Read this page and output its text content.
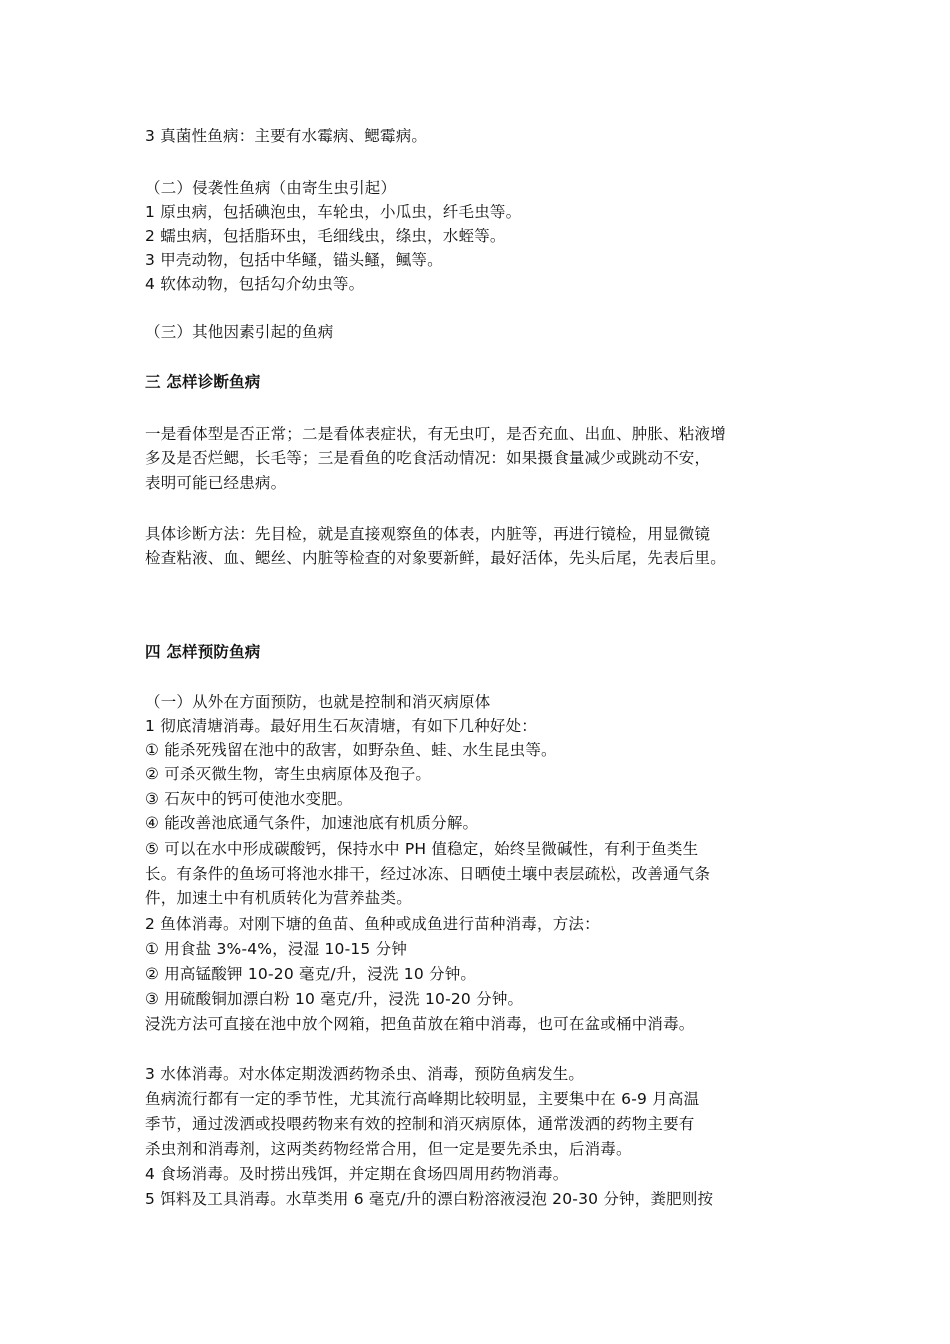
3 真菌性鱼病：主要有水霉病、鳃霉病。

（二）侵袭性鱼病（由寄生虫引起）

1 原虫病，包括碘泡虫，车轮虫，小瓜虫，纤毛虫等。

2 蠕虫病，包括脂环虫，毛细线虫，绦虫，水蛭等。

3 甲壳动物，包括中华鳋，锚头鳋，鲺等。

4 软体动物，包括勾介幼虫等。

（三）其他因素引起的鱼病

三 怎样诊断鱼病

一是看体型是否正常；二是看体表症状，有无虫叮，是否充血、出血、肿胀、粘液增

多及是否烂鳃，长毛等；三是看鱼的吃食活动情况：如果摄食量减少或跳动不安，

表明可能已经患病。

具体诊断方法：先目检，就是直接观察鱼的体表，内脏等，再进行镜检，用显微镜

检查粘液、血、鳃丝、内脏等检查的对象要新鲜，最好活体，先头后尾，先表后里。

四 怎样预防鱼病

（一）从外在方面预防，也就是控制和消灭病原体

1 彻底清塘消毒。最好用生石灰清塘，有如下几种好处：

① 能杀死残留在池中的敌害，如野杂鱼、蛙、水生昆虫等。

② 可杀灭微生物，寄生虫病原体及孢子。

③ 石灰中的钙可使池水变肥。

④ 能改善池底通气条件，加速池底有机质分解。

⑤ 可以在水中形成碳酸钙，保持水中 PH 值稳定，始终呈微碱性，有利于鱼类生

长。有条件的鱼场可将池水排干，经过冰冻、日晒使土壤中表层疏松，改善通气条

件，加速土中有机质转化为营养盐类。

2 鱼体消毒。对刚下塘的鱼苗、鱼种或成鱼进行苗种消毒，方法：

① 用食盐 3%-4%，浸湿 10-15 分钟

② 用高锰酸钾 10-20 毫克/升，浸洗 10 分钟。

③ 用硫酸铜加漂白粉 10 毫克/升，浸洗 10-20 分钟。

浸洗方法可直接在池中放个网箱，把鱼苗放在箱中消毒，也可在盆或桶中消毒。

3 水体消毒。对水体定期泼洒药物杀虫、消毒，预防鱼病发生。

鱼病流行都有一定的季节性，尤其流行高峰期比较明显，主要集中在 6-9 月高温

季节，通过泼洒或投喂药物来有效的控制和消灭病原体，通常泼洒的药物主要有

杀虫剂和消毒剂，这两类药物经常合用，但一定是要先杀虫，后消毒。

4 食场消毒。及时捞出残饵，并定期在食场四周用药物消毒。

5 饵料及工具消毒。水草类用 6 毫克/升的漂白粉溶液浸泡 20-30 分钟，粪肥则按
